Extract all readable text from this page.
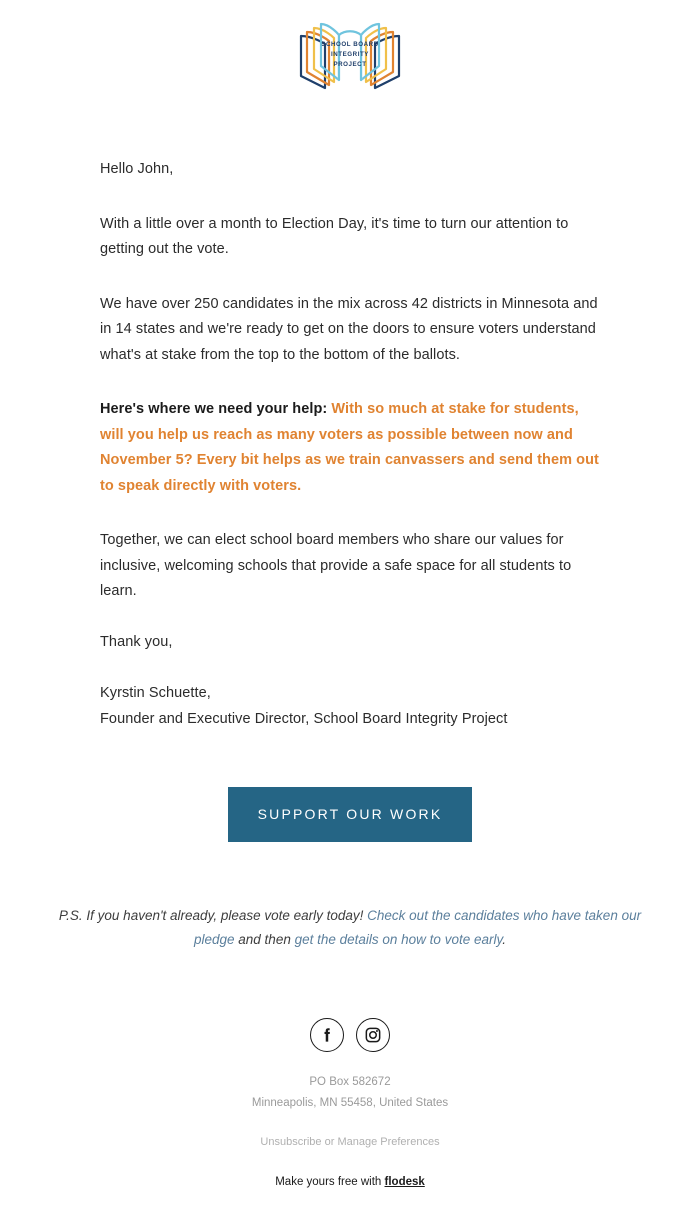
SCHOOL BOARD
INTEGRITY
PROJECT

Hello John,

With a little over a month to Election Day, it's time to turn our attention to getting out the vote.

We have over 250 candidates in the mix across 42 districts in Minnesota and in 14 states and we're ready to get on the doors to ensure voters understand what's at stake from the top to the bottom of the ballots.

Here's where we need your help: With so much at stake for students, will you help us reach as many voters as possible between now and November 5? Every bit helps as we train canvassers and send them out to speak directly with voters.

Together, we can elect school board members who share our values for inclusive, welcoming schools that provide a safe space for all students to learn.

Thank you,

Kyrstin Schuette,
Founder and Executive Director, School Board Integrity Project

SUPPORT OUR WORK
P.S. If you haven't already, please vote early today! Check out the candidates who have taken our pledge and then get the details on how to vote early.

PO Box 582672
Minneapolis, MN 55458, United States
Unsubscribe or Manage Preferences
Make yours free with flodesk
